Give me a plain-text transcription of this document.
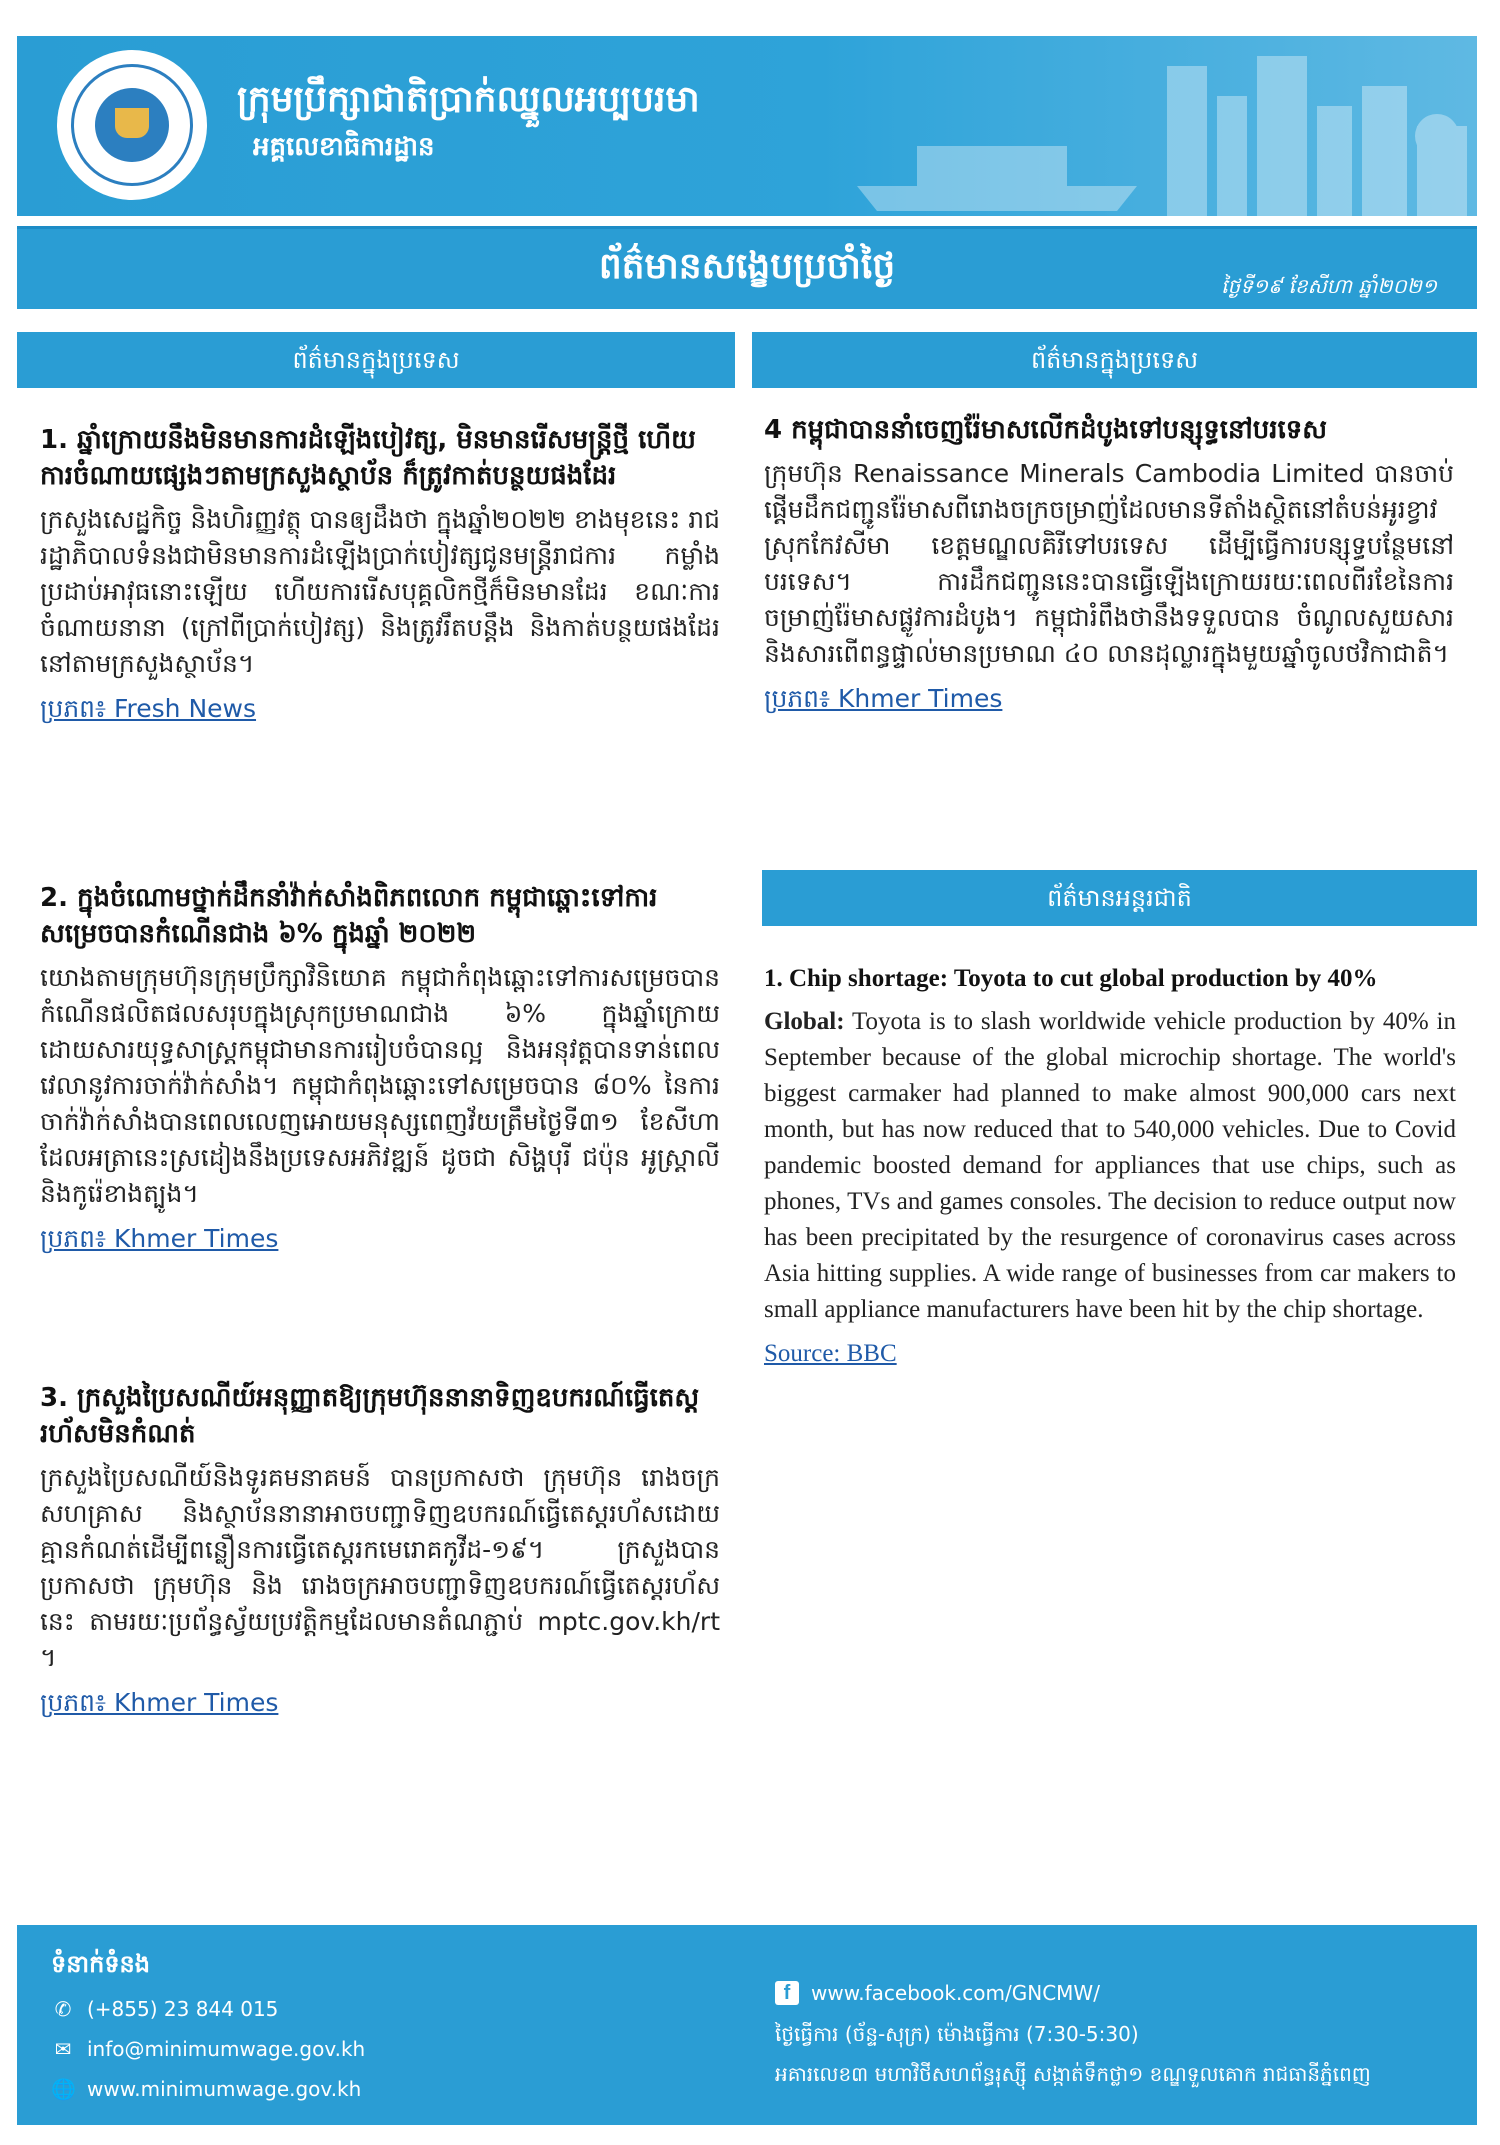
ក្រុមប្រឹក្សាជាតិប្រាក់ឈ្នួលអប្បបរមា
អគ្គលេខាធិការដ្ឋាន
ព័ត៌មានសង្ខេបប្រចាំថ្ងៃ	ថ្ងៃទី១៩ ខែសីហា ឆ្នាំ២០២១
ព័ត៌មានក្នុងប្រទេស	ព័ត៌មានក្នុងប្រទេស
ព័ត៌មានអន្តរជាតិ

1. ឆ្នាំក្រោយនឹងមិនមានការដំឡើងបៀវត្ស, មិនមានរើសមន្ត្រីថ្មី ហើយការចំណាយផ្សេងៗតាមក្រសួងស្ថាប័ន ក៏ត្រូវកាត់បន្ថយផងដែរ

ក្រសួងសេដ្ឋកិច្ច និងហិរញ្ញវត្ថុ បានឲ្យដឹងថា ក្នុងឆ្នាំ២០២២ ខាងមុខនេះ រាជរដ្ឋាភិបាលទំនងជាមិនមានការដំឡើងប្រាក់បៀវត្សជូនមន្ត្រីរាជការ កម្លាំងប្រដាប់អាវុធនោះឡើយ ហើយការរើសបុគ្គលិកថ្មីក៏មិនមានដែរ ខណៈការចំណាយនានា (ក្រៅពីប្រាក់បៀវត្ស) និងត្រូវរឹតបន្តឹង និងកាត់បន្ថយផងដែរ នៅតាមក្រសួងស្ថាប័ន។

ប្រភព៖ Fresh News

2. ក្នុងចំណោមថ្នាក់ដឹកនាំវ៉ាក់សាំងពិភពលោក កម្ពុជាឆ្ពោះទៅការសម្រេចបានកំណើនជាង ៦% ក្នុងឆ្នាំ ២០២២

យោងតាមក្រុមហ៊ុនក្រុមប្រឹក្សាវិនិយោគ កម្ពុជាកំពុងឆ្ពោះទៅការសម្រេចបានកំណើនផលិតផលសរុបក្នុងស្រុកប្រមាណជាង ៦% ក្នុងឆ្នាំក្រោយដោយសារយុទ្ធសាស្ត្រកម្ពុជាមានការរៀបចំបានល្អ និងអនុវត្តបានទាន់ពេលវេលានូវការចាក់វ៉ាក់សាំង។ កម្ពុជាកំពុងឆ្ពោះទៅសម្រេចបាន ៨០% នៃការចាក់វ៉ាក់សាំងបានពេលលេញអោយមនុស្សពេញវ័យត្រឹមថ្ងៃទី៣១ ខែសីហា ដែលអត្រានេះស្រដៀងនឹងប្រទេសអភិវឌ្ឍន៍ ដូចជា សិង្ហបុរី ជប៉ុន អូស្ត្រាលី និងកូរ៉េខាងត្បូង។

ប្រភព៖ Khmer Times

3. ក្រសួងប្រៃសណីយ៍អនុញ្ញាតឱ្យក្រុមហ៊ុននានាទិញឧបករណ៍ធ្វើតេស្តរហ័សមិនកំណត់

ក្រសួងប្រៃសណីយ៍និងទូរគមនាគមន៍ បានប្រកាសថា ក្រុមហ៊ុន រោងចក្រ សហគ្រាស និងស្ថាប័ននានាអាចបញ្ជាទិញឧបករណ៍ធ្វើតេស្តរហ័សដោយគ្មានកំណត់ដើម្បីពន្លឿនការធ្វើតេស្តរកមេរោគកូវីដ-១៩។ ក្រសួងបានប្រកាសថា ក្រុមហ៊ុន និង រោងចក្រអាចបញ្ជាទិញឧបករណ៍ធ្វើតេស្តរហ័សនេះ តាមរយៈប្រព័ន្ធស្វ័យប្រវត្តិកម្មដែលមានតំណភ្ជាប់ mptc.gov.kh/rt ។

ប្រភព៖ Khmer Times

4 កម្ពុជាបាននាំចេញរ៉ែមាសលើកដំបូងទៅបន្សុទ្ធនៅបរទេស

ក្រុមហ៊ុន Renaissance Minerals Cambodia Limited បានចាប់ផ្តើមដឹកជញ្ជូនរ៉ែមាសពីរោងចក្រចម្រាញ់ដែលមានទីតាំងស្ថិតនៅតំបន់អូរខ្វាវ ស្រុកកែវសីមា ខេត្តមណ្ឌលគិរីទៅបរទេស ដើម្បីធ្វើការបន្សុទ្ធបន្ថែមនៅបរទេស។ ការដឹកជញ្ជូននេះបានធ្វើឡើងក្រោយរយៈពេលពីរខែនៃការចម្រាញ់រ៉ែមាសផ្លូវការដំបូង។ កម្ពុជារំពឹងថានឹងទទួលបាន ចំណូលសួយសារ និងសារពើពន្ធផ្ទាល់មានប្រមាណ ៤០ លានដុល្លារក្នុងមួយឆ្នាំចូលថវិកាជាតិ។

ប្រភព៖ Khmer Times

1. Chip shortage: Toyota to cut global production by 40%

Global: Toyota is to slash worldwide vehicle production by 40% in September because of the global microchip shortage. The world's biggest carmaker had planned to make almost 900,000 cars next month, but has now reduced that to 540,000 vehicles. Due to Covid pandemic boosted demand for appliances that use chips, such as phones, TVs and games consoles. The decision to reduce output now has been precipitated by the resurgence of coronavirus cases across Asia hitting supplies. A wide range of businesses from car makers to small appliance manufacturers have been hit by the chip shortage.

Source: BBC
ទំនាក់ទំនង
✆ (+855) 23 844 015
✉ info@minimumwage.gov.kh
🌐 www.minimumwage.gov.kh
f	www.facebook.com/GNCMW/
ថ្ងៃធ្វើការ (ច័ន្ទ-សុក្រ) ម៉ោងធ្វើការ (7:30-5:30)
អគារលេខ៣ មហាវិថីសហព័ន្ធរុស្ស៊ី សង្កាត់ទឹកថ្លា១ ខណ្ឌទួលគោក រាជធានីភ្នំពេញ
